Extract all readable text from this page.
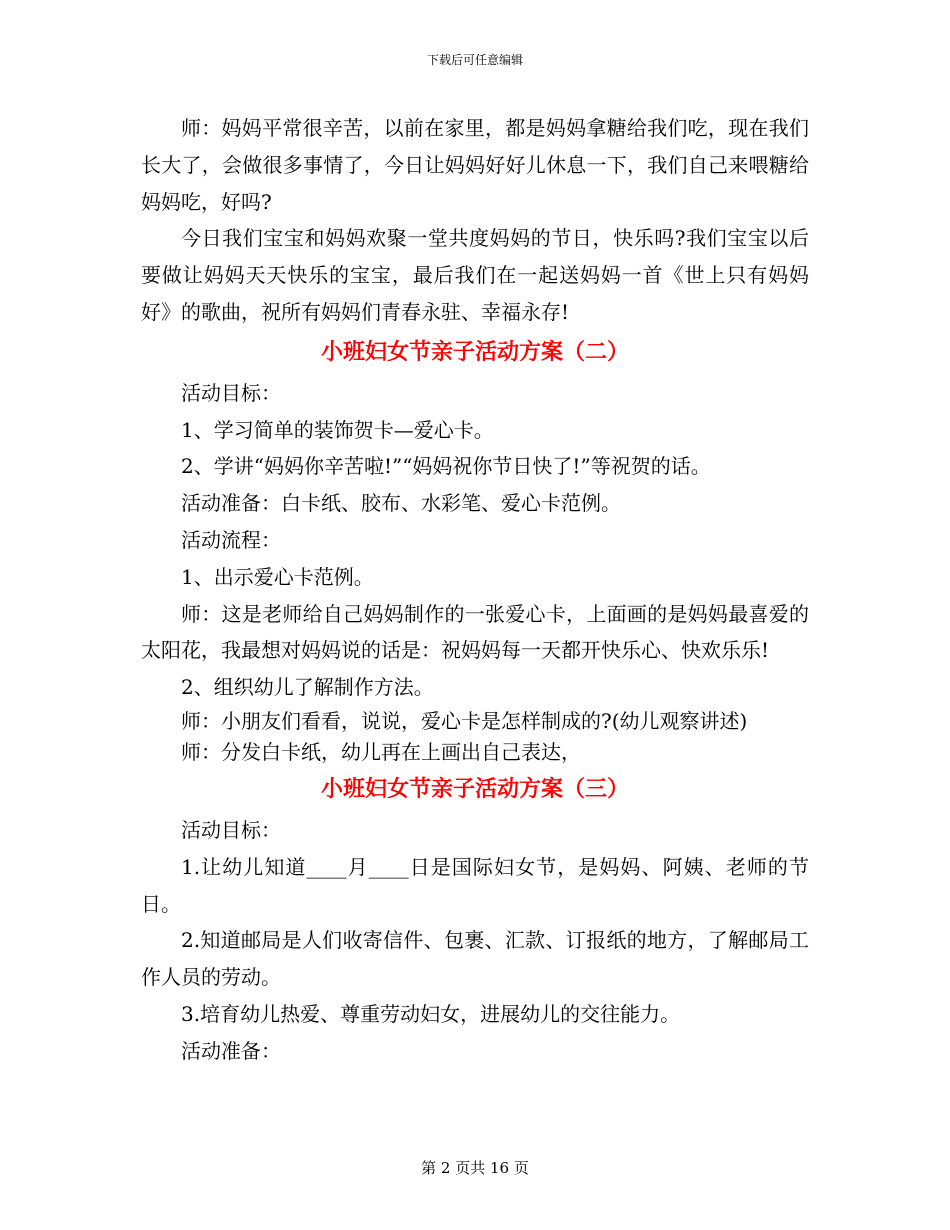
下载后可任意编辑

师：妈妈平常很辛苦，以前在家里，都是妈妈拿糖给我们吃，现在我们长大了，会做很多事情了，今日让妈妈好好儿休息一下，我们自己来喂糖给妈妈吃，好吗?

今日我们宝宝和妈妈欢聚一堂共度妈妈的节日，快乐吗?我们宝宝以后要做让妈妈天天快乐的宝宝，最后我们在一起送妈妈一首《世上只有妈妈好》的歌曲，祝所有妈妈们青春永驻、幸福永存!

小班妇女节亲子活动方案（二）

活动目标：

1、学习简单的装饰贺卡—爱心卡。

2、学讲“妈妈你辛苦啦!”“妈妈祝你节日快了!”等祝贺的话。

活动准备：白卡纸、胶布、水彩笔、爱心卡范例。

活动流程：

1、出示爱心卡范例。

师：这是老师给自己妈妈制作的一张爱心卡，上面画的是妈妈最喜爱的太阳花，我最想对妈妈说的话是：祝妈妈每一天都开快乐心、快欢乐乐!

2、组织幼儿了解制作方法。

师：小朋友们看看，说说，爱心卡是怎样制成的?(幼儿观察讲述)

师：分发白卡纸，幼儿再在上画出自己表达，

小班妇女节亲子活动方案（三）

活动目标：

1.让幼儿知道____月____日是国际妇女节，是妈妈、阿姨、老师的节日。

2.知道邮局是人们收寄信件、包裹、汇款、订报纸的地方，了解邮局工作人员的劳动。

3.培育幼儿热爱、尊重劳动妇女，进展幼儿的交往能力。

活动准备：

第 2 页共 16 页
